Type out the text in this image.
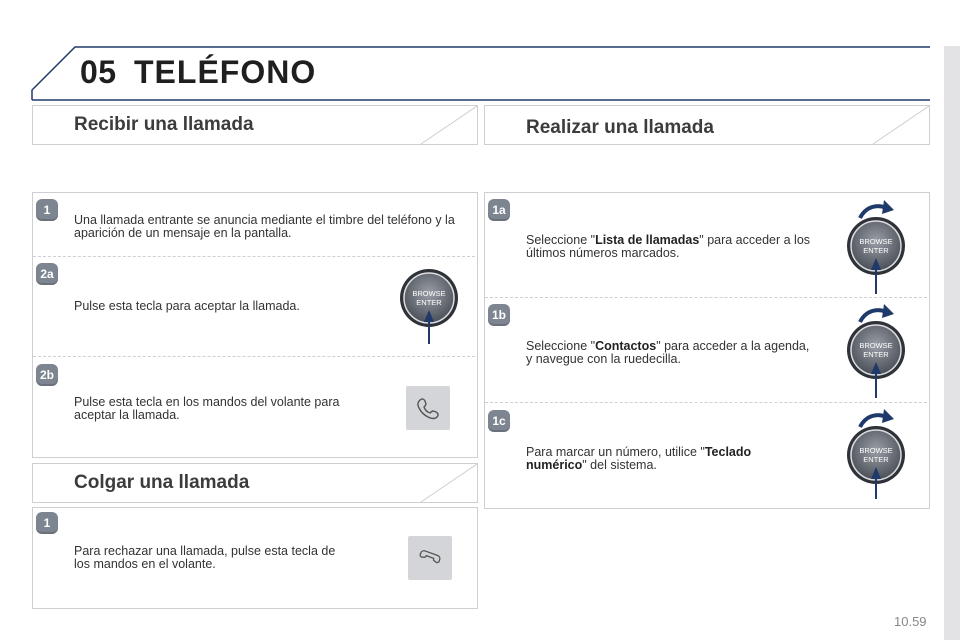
05 TELÉFONO
Recibir una llamada
1
Una llamada entrante se anuncia mediante el timbre del teléfono y la aparición de un mensaje en la pantalla.
2a
Pulse esta tecla para aceptar la llamada.
BROWSE
ENTER
2b
Pulse esta tecla en los mandos del volante para
aceptar la llamada.
Colgar una llamada
1
Para rechazar una llamada, pulse esta tecla de
los mandos en el volante.
Realizar una llamada
1a
Seleccione "Lista de llamadas" para acceder a los
últimos números marcados.
1b
Seleccione "Contactos" para acceder a la agenda,
y navegue con la ruedecilla.
1c
Para marcar un número, utilice "Teclado
numérico" del sistema.
BROWSE
ENTER
BROWSE
ENTER
BROWSE
ENTER
10.59
